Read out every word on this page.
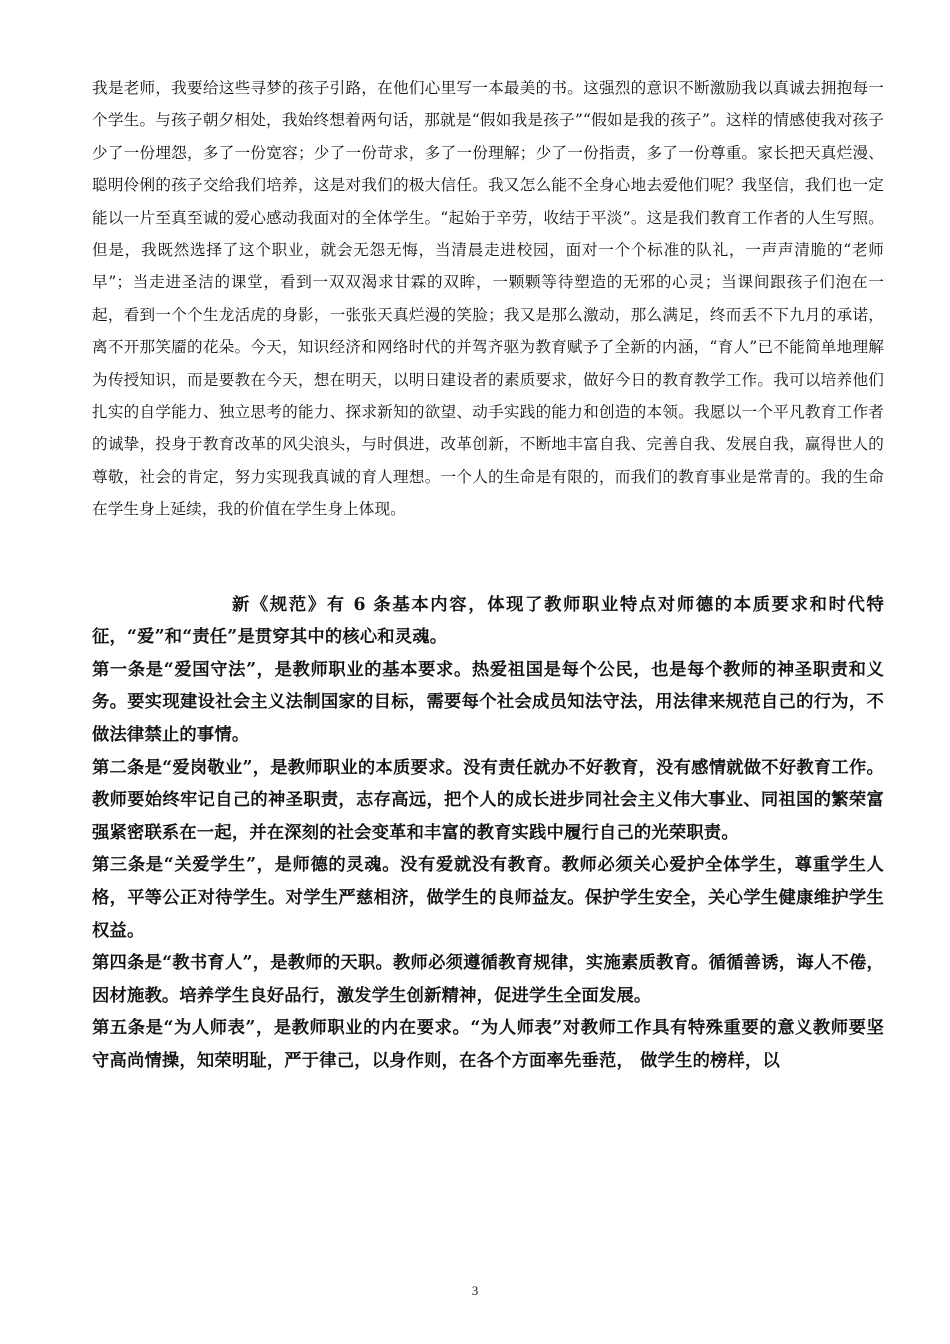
我是老师，我要给这些寻梦的孩子引路，在他们心里写一本最美的书。这强烈的意识不断激励我以真诚去拥抱每一个学生。与孩子朝夕相处，我始终想着两句话，那就是“假如我是孩子”“假如是我的孩子”。这样的情感使我对孩子少了一份埋怨，多了一份宽容；少了一份苛求，多了一份理解；少了一份指责，多了一份尊重。家长把天真烂漫、聪明伶俐的孩子交给我们培养，这是对我们的极大信任。我又怎么能不全身心地去爱他们呢？我坚信，我们也一定能以一片至真至诚的爱心感动我面对的全体学生。“起始于辛劳，收结于平淡”。这是我们教育工作者的人生写照。但是，我既然选择了这个职业，就会无怨无悔，当清晨走进校园，面对一个个标准的队礼，一声声清脆的“老师早”；当走进圣洁的课堂，看到一双双渴求甘霖的双眸，一颗颗等待塑造的无邪的心灵；当课间跟孩子们泡在一起，看到一个个生龙活虎的身影，一张张天真烂漫的笑脸；我又是那么激动，那么满足，终而丢不下九月的承诺，离不开那笑靥的花朵。今天，知识经济和网络时代的并驾齐驱为教育赋予了全新的内涵，“育人”已不能简单地理解为传授知识，而是要教在今天，想在明天，以明日建设者的素质要求，做好今日的教育教学工作。我可以培养他们扎实的自学能力、独立思考的能力、探求新知的欲望、动手实践的能力和创造的本领。我愿以一个平凡教育工作者的诚挚，投身于教育改革的风尖浪头，与时俱进，改革创新，不断地丰富自我、完善自我、发展自我，赢得世人的尊敬，社会的肯定，努力实现我真诚的育人理想。一个人的生命是有限的，而我们的教育事业是常青的。我的生命在学生身上延续，我的价值在学生身上体现。

新《规范》有 6 条基本内容，体现了教师职业特点对师德的本质要求和时代特征，“爱”和“责任”是贯穿其中的核心和灵魂。

第一条是“爱国守法”，是教师职业的基本要求。热爱祖国是每个公民，也是每个教师的神圣职责和义务。要实现建设社会主义法制国家的目标，需要每个社会成员知法守法，用法律来规范自己的行为，不做法律禁止的事情。

第二条是“爱岗敬业”，是教师职业的本质要求。没有责任就办不好教育，没有感情就做不好教育工作。教师要始终牢记自己的神圣职责，志存高远，把个人的成长进步同社会主义伟大事业、同祖国的繁荣富强紧密联系在一起，并在深刻的社会变革和丰富的教育实践中履行自己的光荣职责。

第三条是“关爱学生”，是师德的灵魂。没有爱就没有教育。教师必须关心爱护全体学生，尊重学生人格，平等公正对待学生。对学生严慈相济，做学生的良师益友。保护学生安全，关心学生健康维护学生权益。

第四条是“教书育人”，是教师的天职。教师必须遵循教育规律，实施素质教育。循循善诱，诲人不倦，因材施教。培养学生良好品行，激发学生创新精神，促进学生全面发展。

第五条是“为人师表”，是教师职业的内在要求。“为人师表”对教师工作具有特殊重要的意义教师要坚守高尚情操，知荣明耻，严于律己，以身作则，在各个方面率先垂范， 做学生的榜样，以

3
